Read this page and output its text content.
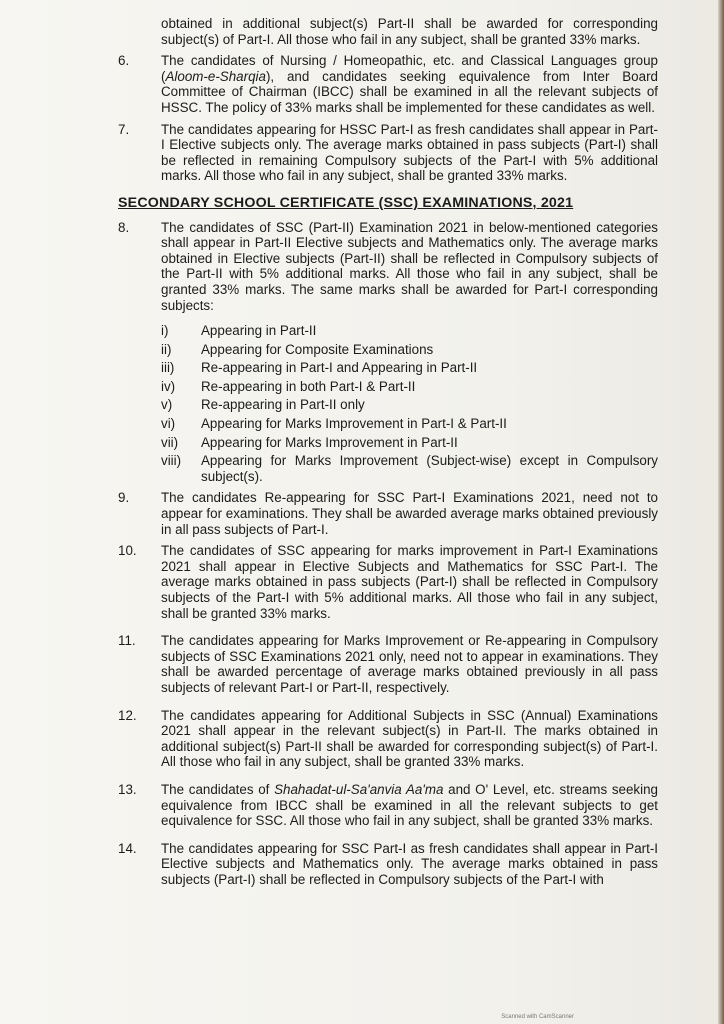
obtained in additional subject(s) Part-II shall be awarded for corresponding subject(s) of Part-I. All those who fail in any subject, shall be granted 33% marks.
6. The candidates of Nursing / Homeopathic, etc. and Classical Languages group (Aloom-e-Sharqia), and candidates seeking equivalence from Inter Board Committee of Chairman (IBCC) shall be examined in all the relevant subjects of HSSC. The policy of 33% marks shall be implemented for these candidates as well.
7. The candidates appearing for HSSC Part-I as fresh candidates shall appear in Part-I Elective subjects only. The average marks obtained in pass subjects (Part-I) shall be reflected in remaining Compulsory subjects of the Part-I with 5% additional marks. All those who fail in any subject, shall be granted 33% marks.
SECONDARY SCHOOL CERTIFICATE (SSC) EXAMINATIONS, 2021
8. The candidates of SSC (Part-II) Examination 2021 in below-mentioned categories shall appear in Part-II Elective subjects and Mathematics only. The average marks obtained in Elective subjects (Part-II) shall be reflected in Compulsory subjects of the Part-II with 5% additional marks. All those who fail in any subject, shall be granted 33% marks. The same marks shall be awarded for Part-I corresponding subjects:
i) Appearing in Part-II
ii) Appearing for Composite Examinations
iii) Re-appearing in Part-I and Appearing in Part-II
iv) Re-appearing in both Part-I & Part-II
v) Re-appearing in Part-II only
vi) Appearing for Marks Improvement in Part-I & Part-II
vii) Appearing for Marks Improvement in Part-II
viii) Appearing for Marks Improvement (Subject-wise) except in Compulsory subject(s).
9. The candidates Re-appearing for SSC Part-I Examinations 2021, need not to appear for examinations. They shall be awarded average marks obtained previously in all pass subjects of Part-I.
10. The candidates of SSC appearing for marks improvement in Part-I Examinations 2021 shall appear in Elective Subjects and Mathematics for SSC Part-I. The average marks obtained in pass subjects (Part-I) shall be reflected in Compulsory subjects of the Part-I with 5% additional marks. All those who fail in any subject, shall be granted 33% marks.
11. The candidates appearing for Marks Improvement or Re-appearing in Compulsory subjects of SSC Examinations 2021 only, need not to appear in examinations. They shall be awarded percentage of average marks obtained previously in all pass subjects of relevant Part-I or Part-II, respectively.
12. The candidates appearing for Additional Subjects in SSC (Annual) Examinations 2021 shall appear in the relevant subject(s) in Part-II. The marks obtained in additional subject(s) Part-II shall be awarded for corresponding subject(s) of Part-I. All those who fail in any subject, shall be granted 33% marks.
13. The candidates of Shahadat-ul-Sa'anvia Aa'ma and O' Level, etc. streams seeking equivalence from IBCC shall be examined in all the relevant subjects to get equivalence for SSC. All those who fail in any subject, shall be granted 33% marks.
14. The candidates appearing for SSC Part-I as fresh candidates shall appear in Part-I Elective subjects and Mathematics only. The average marks obtained in pass subjects (Part-I) shall be reflected in Compulsory subjects of the Part-I with
Scanned with CamScanner
